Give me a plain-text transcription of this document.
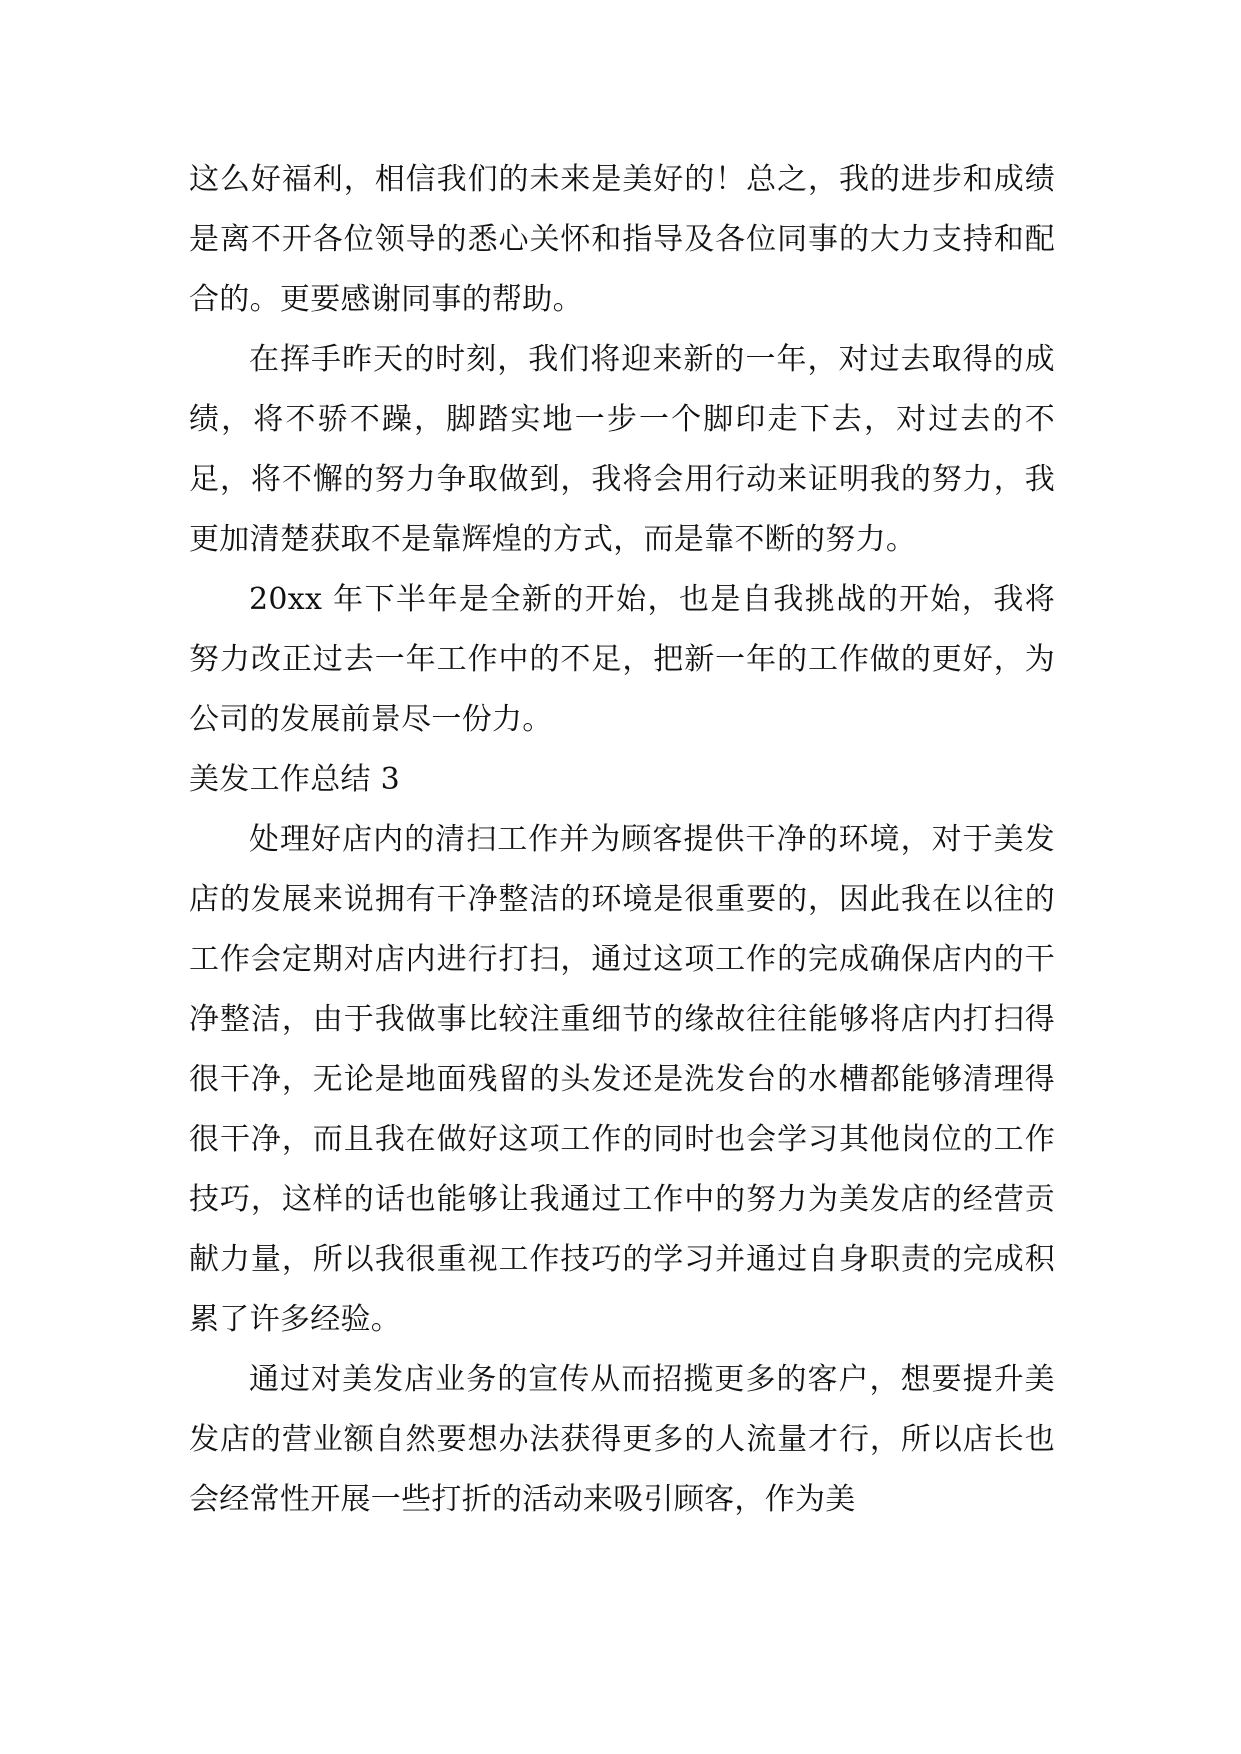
这么好福利，相信我们的未来是美好的！总之，我的进步和成绩是离不开各位领导的悉心关怀和指导及各位同事的大力支持和配合的。更要感谢同事的帮助。

在挥手昨天的时刻，我们将迎来新的一年，对过去取得的成绩，将不骄不躁，脚踏实地一步一个脚印走下去，对过去的不足，将不懈的努力争取做到，我将会用行动来证明我的努力，我更加清楚获取不是靠辉煌的方式，而是靠不断的努力。

20xx 年下半年是全新的开始，也是自我挑战的开始，我将努力改正过去一年工作中的不足，把新一年的工作做的更好，为公司的发展前景尽一份力。

美发工作总结 3

处理好店内的清扫工作并为顾客提供干净的环境，对于美发店的发展来说拥有干净整洁的环境是很重要的，因此我在以往的工作会定期对店内进行打扫，通过这项工作的完成确保店内的干净整洁，由于我做事比较注重细节的缘故往往能够将店内打扫得很干净，无论是地面残留的头发还是洗发台的水槽都能够清理得很干净，而且我在做好这项工作的同时也会学习其他岗位的工作技巧，这样的话也能够让我通过工作中的努力为美发店的经营贡献力量，所以我很重视工作技巧的学习并通过自身职责的完成积累了许多经验。

通过对美发店业务的宣传从而招揽更多的客户，想要提升美发店的营业额自然要想办法获得更多的人流量才行，所以店长也会经常性开展一些打折的活动来吸引顾客，作为美
